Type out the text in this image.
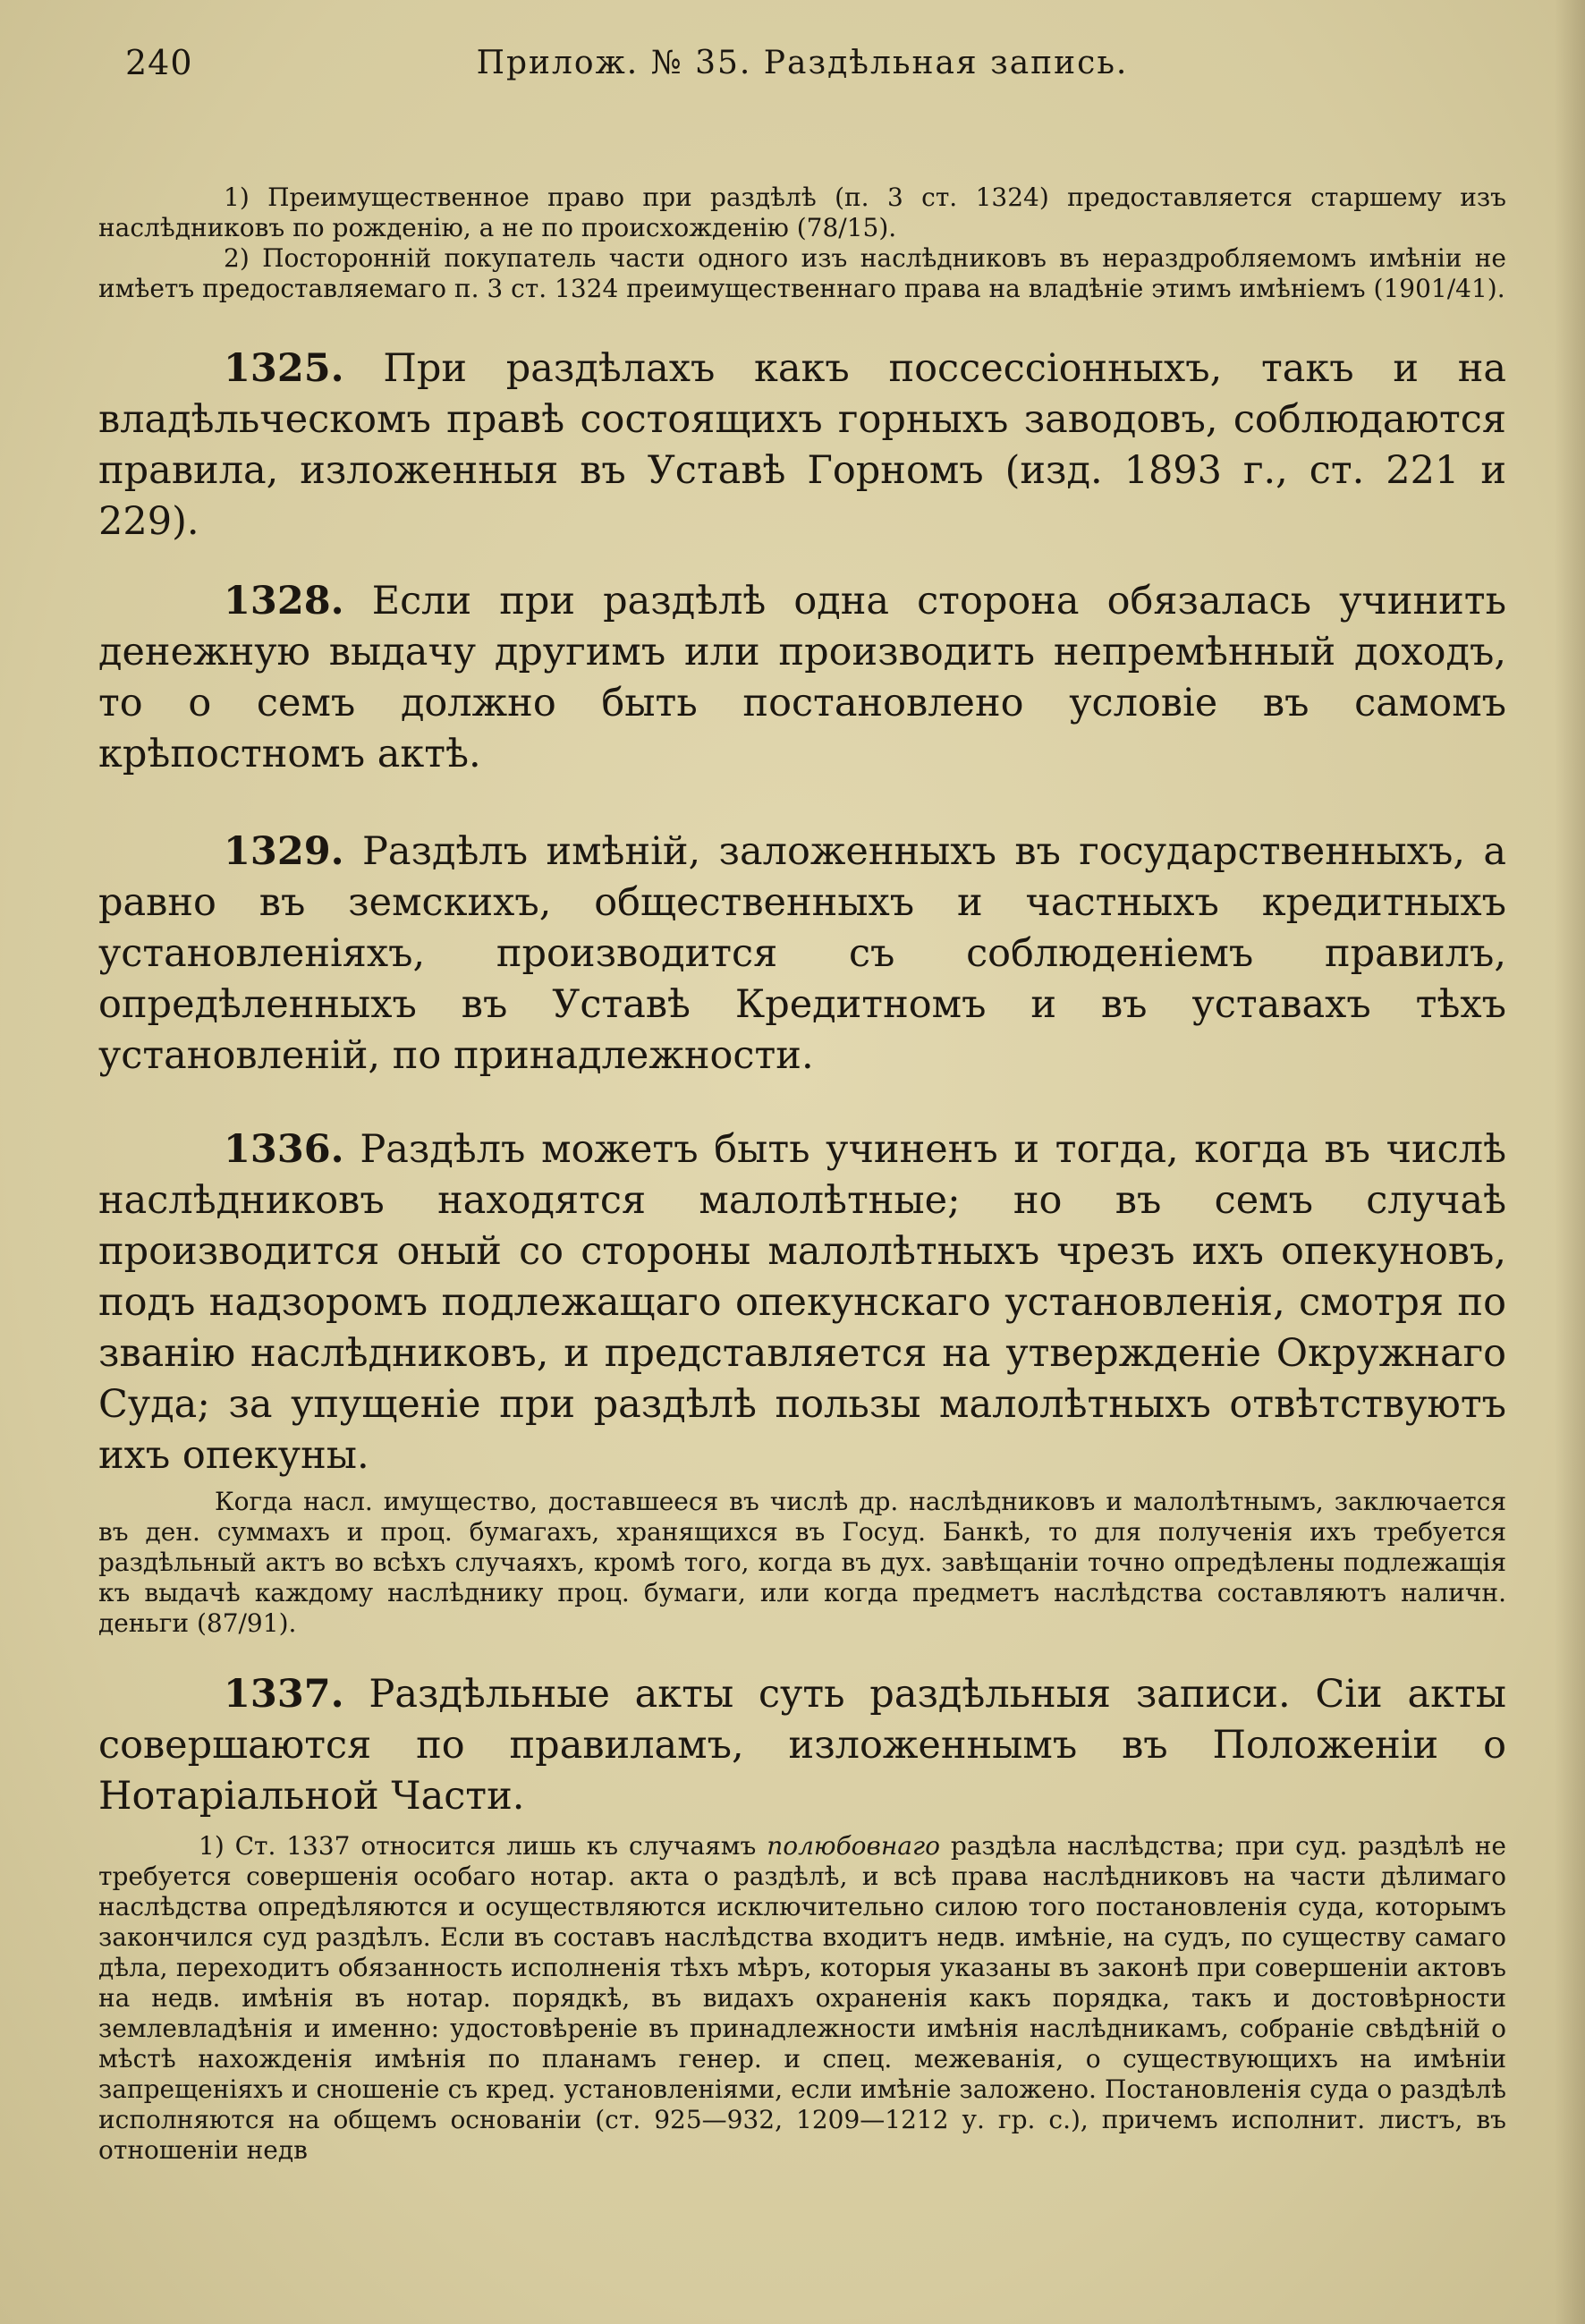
240	Прилож. № 35. Раздѣльная запись.

1) Преимущественное право при раздѣлѣ (п. 3 ст. 1324) предоставляется старшему изъ наслѣдниковъ по рожденію, а не по происхожденію (78/15).

2) Посторонній покупатель части одного изъ наслѣдниковъ въ нераздробляемомъ имѣніи не имѣетъ предоставляемаго п. 3 ст. 1324 преимущественнаго права на владѣніе этимъ имѣніемъ (1901/41).

1325. При раздѣлахъ какъ поссессіонныхъ, такъ и на владѣльческомъ правѣ состоящихъ горныхъ заводовъ, соблюдаются правила, изложенныя въ Уставѣ Горномъ (изд. 1893 г., ст. 221 и 229).

1328. Если при раздѣлѣ одна сторона обязалась учинить денежную выдачу другимъ или производить непремѣнный доходъ, то о семъ должно быть постановлено условіе въ самомъ крѣпостномъ актѣ.

1329. Раздѣлъ имѣній, заложенныхъ въ государственныхъ, а равно въ земскихъ, общественныхъ и частныхъ кредитныхъ установленіяхъ, производится съ соблюденіемъ правилъ, опредѣленныхъ въ Уставѣ Кредитномъ и въ уставахъ тѣхъ установленій, по принадлежности.

1336. Раздѣлъ можетъ быть учиненъ и тогда, когда въ числѣ наслѣдниковъ находятся малолѣтные; но въ семъ случаѣ производится оный со стороны малолѣтныхъ чрезъ ихъ опекуновъ, подъ надзоромъ подлежащаго опекунскаго установленія, смотря по званію наслѣдниковъ, и представляется на утвержденіе Окружнаго Суда; за упущеніе при раздѣлѣ пользы малолѣтныхъ отвѣтствуютъ ихъ опекуны.

Когда насл. имущество, доставшееся въ числѣ др. наслѣдниковъ и малолѣтнымъ, заключается въ ден. суммахъ и проц. бумагахъ, хранящихся въ Госуд. Банкѣ, то для полученія ихъ требуется раздѣльный актъ во всѣхъ случаяхъ, кромѣ того, когда въ дух. завѣщаніи точно опредѣлены подлежащія къ выдачѣ каждому наслѣднику проц. бумаги, или когда предметъ наслѣдства составляютъ наличн. деньги (87/91).

1337. Раздѣльные акты суть раздѣльныя записи. Сіи акты совершаются по правиламъ, изложеннымъ въ Положеніи о Нотаріальной Части.

1) Ст. 1337 относится лишь къ случаямъ полюбовнаго раздѣла наслѣдства; при суд. раздѣлѣ не требуется совершенія особаго нотар. акта о раздѣлѣ, и всѣ права наслѣдниковъ на части дѣлимаго наслѣдства опредѣляются и осуществляются исключительно силою того постановленія суда, которымъ закончился суд раздѣлъ. Если въ составъ наслѣдства входитъ недв. имѣніе, на судъ, по существу самаго дѣла, переходитъ обязанность исполненія тѣхъ мѣръ, которыя указаны въ законѣ при совершеніи актовъ на недв. имѣнія въ нотар. порядкѣ, въ видахъ охраненія какъ порядка, такъ и достовѣрности землевладѣнія и именно: удостовѣреніе въ принадлежности имѣнія наслѣдникамъ, собраніе свѣдѣній о мѣстѣ нахожденія имѣнія по планамъ генер. и спец. межеванія, о существующихъ на имѣніи запрещеніяхъ и сношеніе съ кред. установленіями, если имѣніе заложено. Постановленія суда о раздѣлѣ исполняются на общемъ основаніи (ст. 925—932, 1209—1212 у. гр. с.), причемъ исполнит. листъ, въ отношеніи недв
